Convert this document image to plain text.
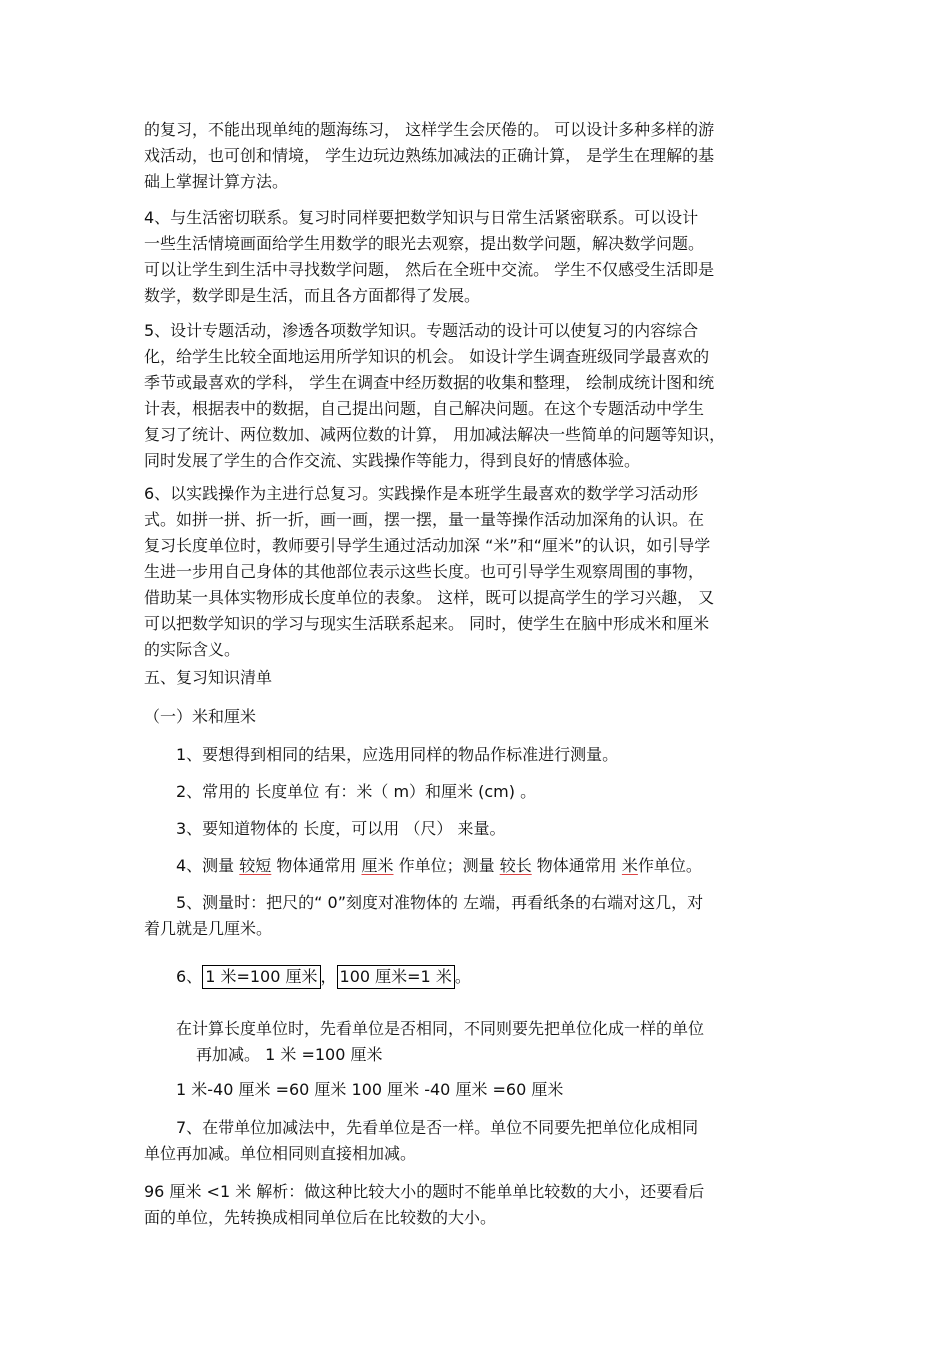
的复习，不能出现单纯的题海练习， 这样学生会厌倦的。 可以设计多种多样的游

戏活动，也可创和情境， 学生边玩边熟练加减法的正确计算， 是学生在理解的基

础上掌握计算方法。

4、与生活密切联系。复习时同样要把数学知识与日常生活紧密联系。可以设计

一些生活情境画面给学生用数学的眼光去观察，提出数学问题，解决数学问题。

可以让学生到生活中寻找数学问题， 然后在全班中交流。 学生不仅感受生活即是

数学，数学即是生活，而且各方面都得了发展。

5、设计专题活动，渗透各项数学知识。专题活动的设计可以使复习的内容综合

化，给学生比较全面地运用所学知识的机会。 如设计学生调查班级同学最喜欢的

季节或最喜欢的学科， 学生在调查中经历数据的收集和整理， 绘制成统计图和统

计表，根据表中的数据，自己提出问题，自己解决问题。在这个专题活动中学生

复习了统计、两位数加、减两位数的计算， 用加减法解决一些简单的问题等知识，

同时发展了学生的合作交流、实践操作等能力，得到良好的情感体验。

6、以实践操作为主进行总复习。实践操作是本班学生最喜欢的数学学习活动形

式。如拼一拼、折一折，画一画，摆一摆，量一量等操作活动加深角的认识。在

复习长度单位时，教师要引导学生通过活动加深 “米”和“厘米”的认识，如引导学

生进一步用自己身体的其他部位表示这些长度。也可引导学生观察周围的事物，

借助某一具体实物形成长度单位的表象。 这样，既可以提高学生的学习兴趣， 又

可以把数学知识的学习与现实生活联系起来。 同时，使学生在脑中形成米和厘米

的实际含义。

五、复习知识清单

（一）米和厘米

1、要想得到相同的结果，应选用同样的物品作标准进行测量。

2、常用的 长度单位 有：米（ m）和厘米 (cm) 。

3、要知道物体的 长度，可以用 （尺） 来量。

4、测量 较短 物体通常用 厘米 作单位；测量 较长 物体通常用 米作单位。

5、测量时：把尺的“ 0”刻度对准物体的 左端，再看纸条的右端对这几，对

着几就是几厘米。

6、 1 米=100 厘米 ， 100 厘米=1 米 。

在计算长度单位时，先看单位是否相同，不同则要先把单位化成一样的单位

再加减。 1 米 =100 厘米

1 米-40 厘米 =60 厘米 100 厘米 -40 厘米 =60 厘米

7、在带单位加减法中，先看单位是否一样。单位不同要先把单位化成相同

单位再加减。单位相同则直接相加减。

96 厘米 <1 米 解析：做这种比较大小的题时不能单单比较数的大小，还要看后

面的单位，先转换成相同单位后在比较数的大小。
